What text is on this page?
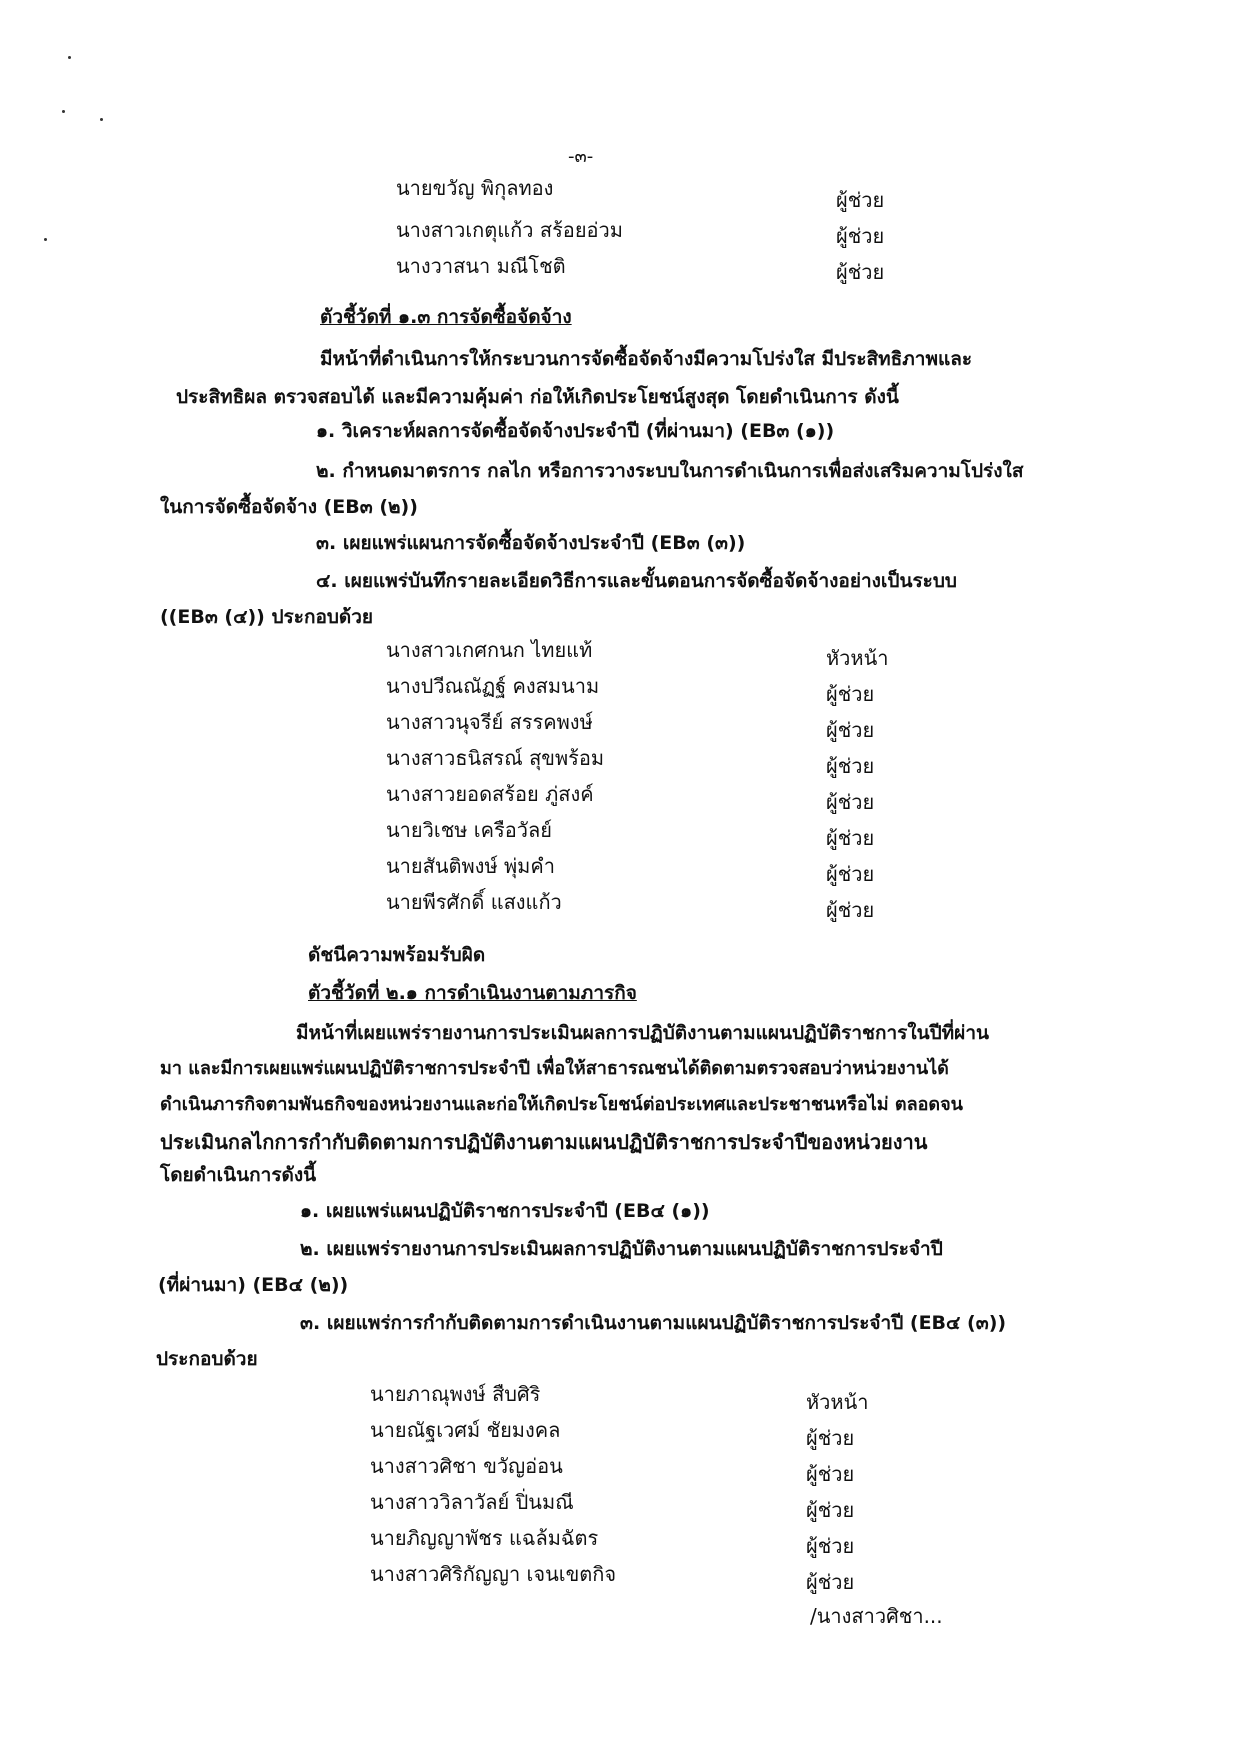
-๓-
นายขวัญ พิกุลทอง	ผู้ช่วย
นางสาวเกตุแก้ว สร้อยอ่วม	ผู้ช่วย
นางวาสนา มณีโชติ	ผู้ช่วย
ตัวชี้วัดที่ ๑.๓ การจัดซื้อจัดจ้าง
มีหน้าที่ดำเนินการให้กระบวนการจัดซื้อจัดจ้างมีความโปร่งใส มีประสิทธิภาพและ
ประสิทธิผล ตรวจสอบได้ และมีความคุ้มค่า ก่อให้เกิดประโยชน์สูงสุด โดยดำเนินการ ดังนี้
๑. วิเคราะห์ผลการจัดซื้อจัดจ้างประจำปี (ที่ผ่านมา) (EB๓ (๑))
๒. กำหนดมาตรการ กลไก หรือการวางระบบในการดำเนินการเพื่อส่งเสริมความโปร่งใส
ในการจัดซื้อจัดจ้าง (EB๓ (๒))
๓. เผยแพร่แผนการจัดซื้อจัดจ้างประจำปี (EB๓ (๓))
๔. เผยแพร่บันทึกรายละเอียดวิธีการและขั้นตอนการจัดซื้อจัดจ้างอย่างเป็นระบบ
((EB๓ (๔)) ประกอบด้วย
นางสาวเกศกนก ไทยแท้	หัวหน้า
นางปวีณณัฏฐ์ คงสมนาม	ผู้ช่วย
นางสาวนุจรีย์ สรรคพงษ์	ผู้ช่วย
นางสาวธนิสรณ์ สุขพร้อม	ผู้ช่วย
นางสาวยอดสร้อย ภู่สงค์	ผู้ช่วย
นายวิเชษ เครือวัลย์	ผู้ช่วย
นายสันติพงษ์ พุ่มคำ	ผู้ช่วย
นายพีรศักดิ์ แสงแก้ว	ผู้ช่วย
ดัชนีความพร้อมรับผิด
ตัวชี้วัดที่ ๒.๑ การดำเนินงานตามภารกิจ
มีหน้าที่เผยแพร่รายงานการประเมินผลการปฏิบัติงานตามแผนปฏิบัติราชการในปีที่ผ่าน
มา และมีการเผยแพร่แผนปฏิบัติราชการประจำปี เพื่อให้สาธารณชนได้ติดตามตรวจสอบว่าหน่วยงานได้
ดำเนินภารกิจตามพันธกิจของหน่วยงานและก่อให้เกิดประโยชน์ต่อประเทศและประชาชนหรือไม่ ตลอดจน
ประเมินกลไกการกำกับติดตามการปฏิบัติงานตามแผนปฏิบัติราชการประจำปีของหน่วยงาน
โดยดำเนินการดังนี้
๑. เผยแพร่แผนปฏิบัติราชการประจำปี (EB๔ (๑))
๒. เผยแพร่รายงานการประเมินผลการปฏิบัติงานตามแผนปฏิบัติราชการประจำปี
(ที่ผ่านมา) (EB๔ (๒))
๓. เผยแพร่การกำกับติดตามการดำเนินงานตามแผนปฏิบัติราชการประจำปี (EB๔ (๓))
ประกอบด้วย
นายภาณุพงษ์ สืบศิริ	หัวหน้า
นายณัฐเวศม์ ชัยมงคล	ผู้ช่วย
นางสาวศิชา ขวัญอ่อน	ผู้ช่วย
นางสาววิลาวัลย์ ปิ่นมณี	ผู้ช่วย
นายภิญญาพัชร แฉล้มฉัตร	ผู้ช่วย
นางสาวศิริกัญญา เจนเขตกิจ	ผู้ช่วย
/นางสาวศิชา...
